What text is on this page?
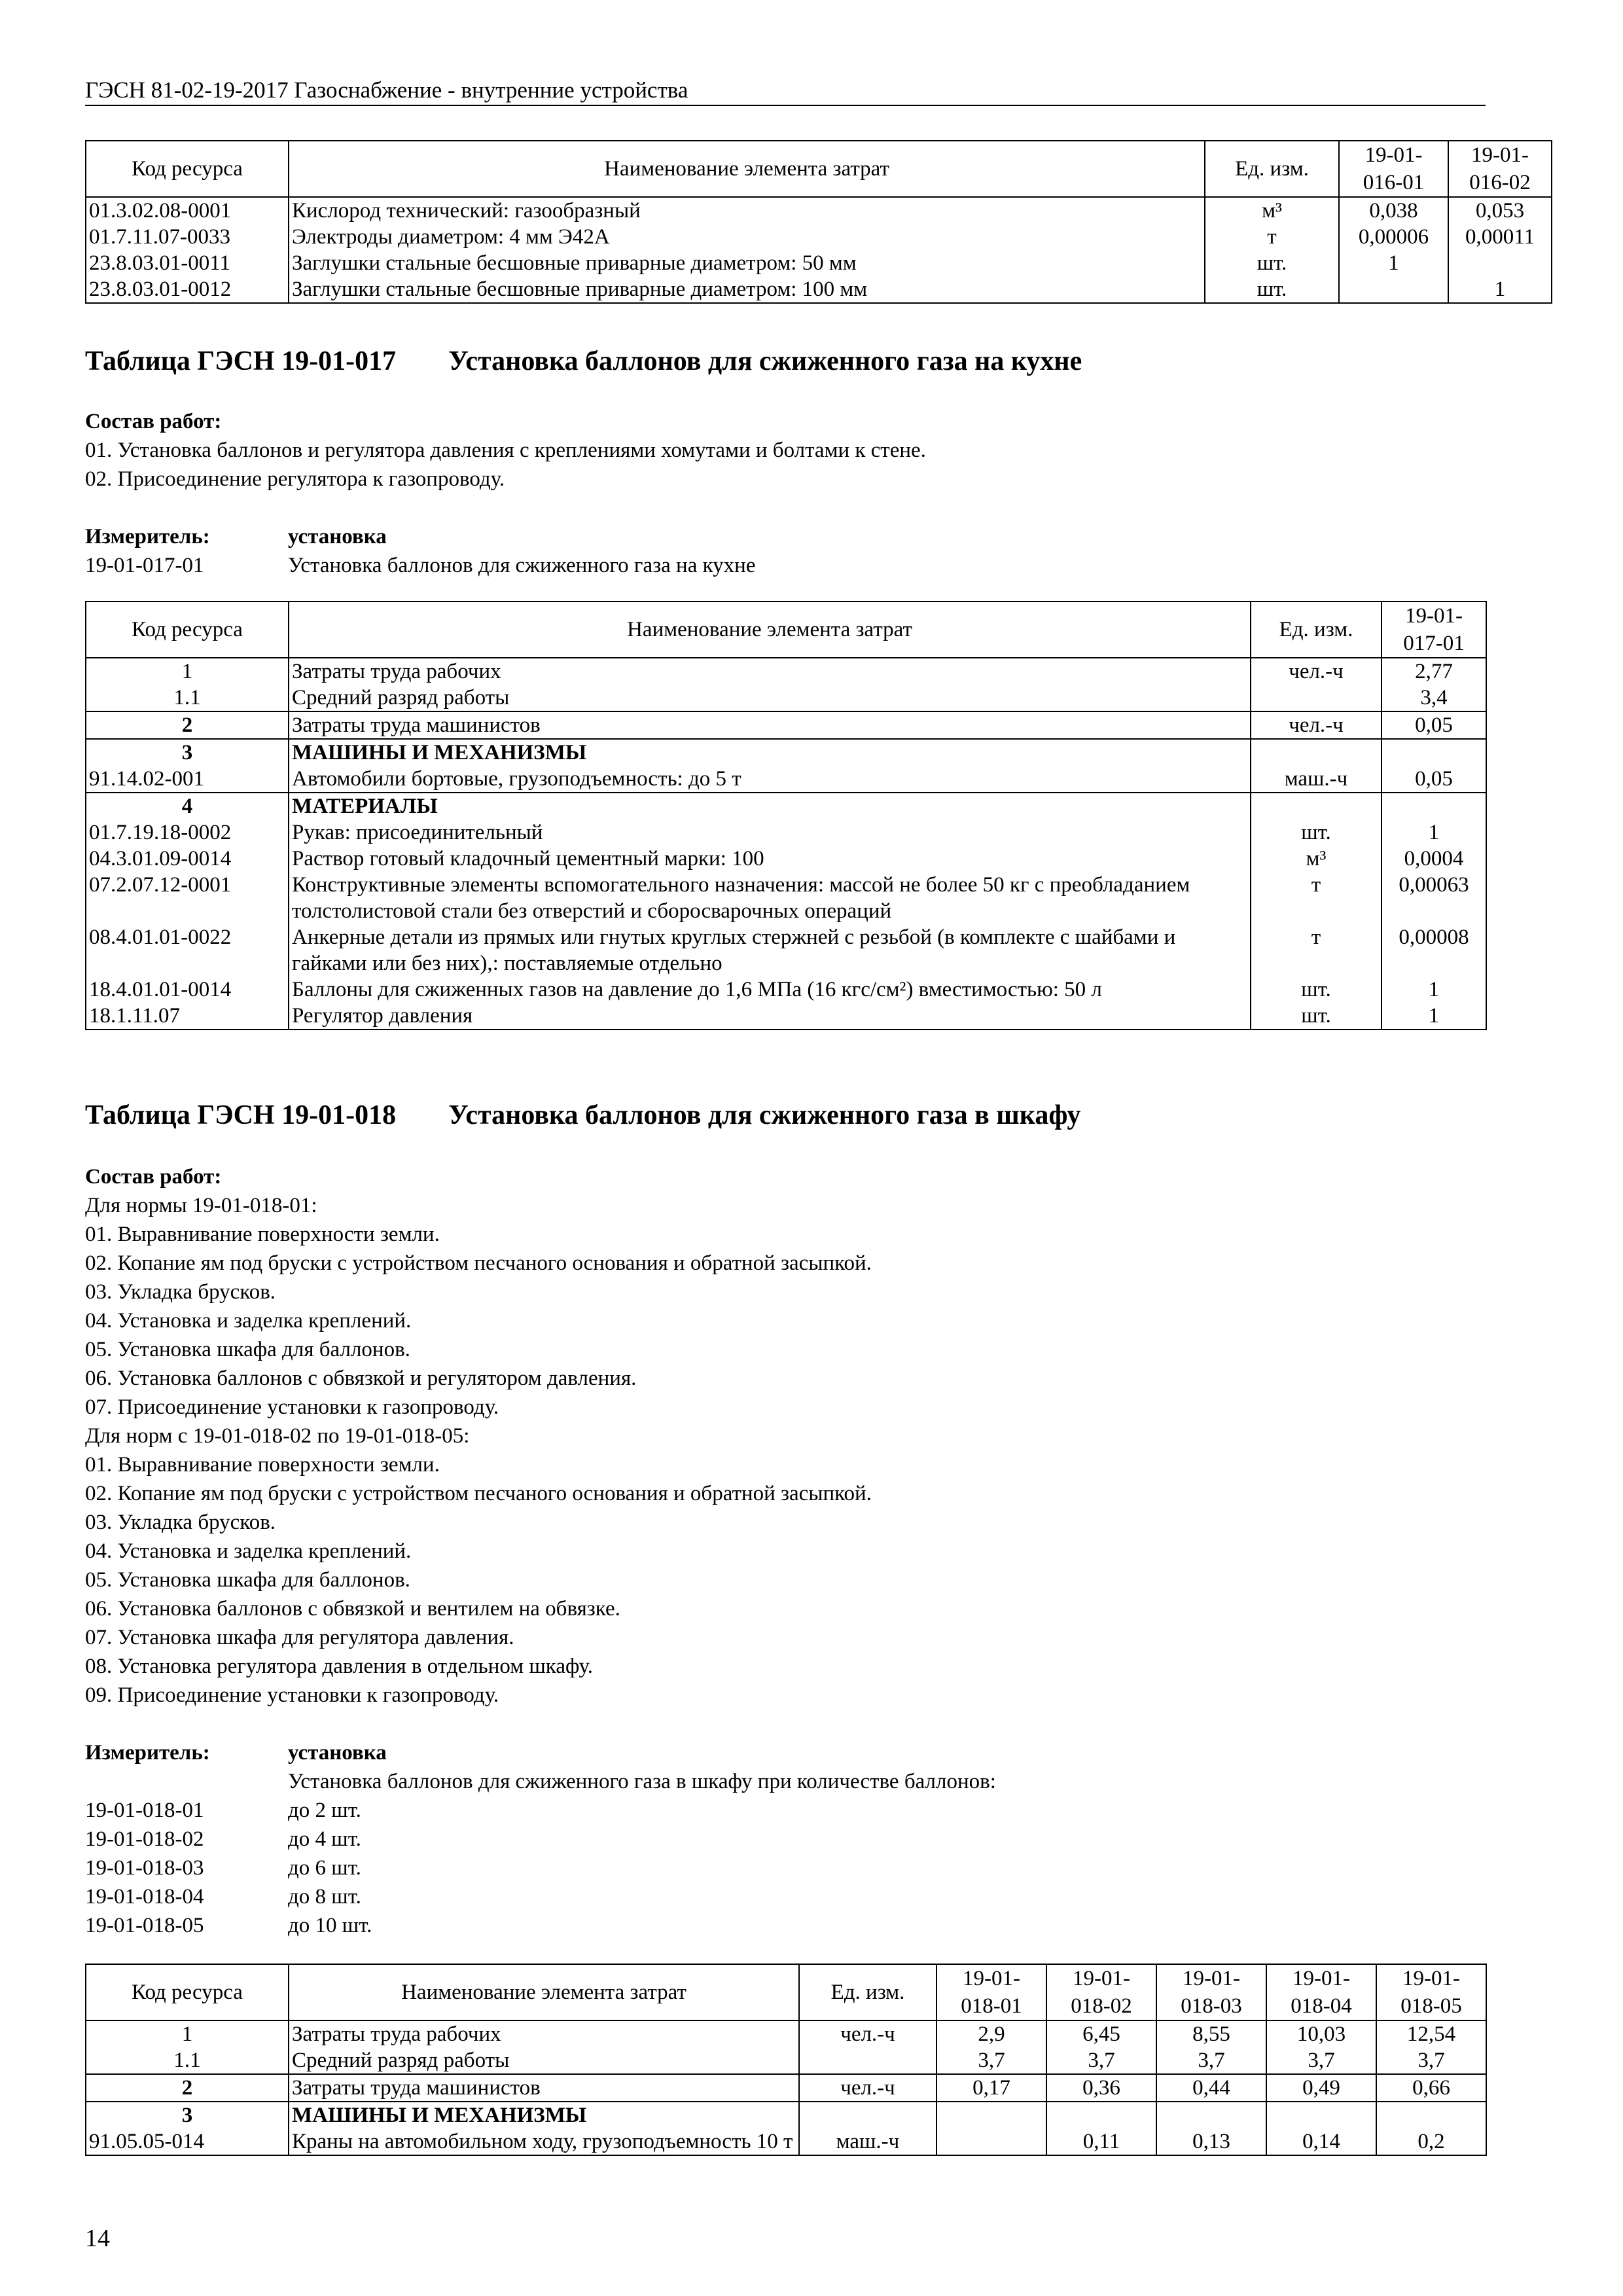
ГЭСН 81-02-19-2017 Газоснабжение - внутренние устройства
Код ресурса	Наименование элемента затрат	Ед. изм.	19-01-
016-01	19-01-
016-02
01.3.02.08-0001	Кислород технический: газообразный	м³	0,038	0,053
01.7.11.07-0033	Электроды диаметром: 4 мм Э42А	т	0,00006	0,00011
23.8.03.01-0011	Заглушки стальные бесшовные приварные диаметром: 50 мм	шт.	1	
23.8.03.01-0012	Заглушки стальные бесшовные приварные диаметром: 100 мм	шт.		1
Таблица ГЭСН 19-01-017 Установка баллонов для сжиженного газа на кухне
Состав работ:
01. Установка баллонов и регулятора давления с креплениями хомутами и болтами к стене.
02. Присоединение регулятора к газопроводу.
Измеритель:	установка
19-01-017-01	Установка баллонов для сжиженного газа на кухне
Код ресурса	Наименование элемента затрат	Ед. изм.	19-01-
017-01
1	Затраты труда рабочих	чел.-ч	2,77
1.1	Средний разряд работы		3,4
2	Затраты труда машинистов	чел.-ч	0,05
3	МАШИНЫ И МЕХАНИЗМЫ		
91.14.02-001	Автомобили бортовые, грузоподъемность: до 5 т	маш.-ч	0,05
4	МАТЕРИАЛЫ		
01.7.19.18-0002	Рукав: присоединительный	шт.	1
04.3.01.09-0014	Раствор готовый кладочный цементный марки: 100	м³	0,0004
07.2.07.12-0001	Конструктивные элементы вспомогательного назначения: массой не более 50 кг с преобладанием толстолистовой стали без отверстий и сборосварочных операций	т	0,00063
08.4.01.01-0022	Анкерные детали из прямых или гнутых круглых стержней с резьбой (в комплекте с шайбами и гайками или без них),: поставляемые отдельно	т	0,00008
18.4.01.01-0014	Баллоны для сжиженных газов на давление до 1,6 МПа (16 кгс/см²) вместимостью: 50 л	шт.	1
18.1.11.07	Регулятор давления	шт.	1
Таблица ГЭСН 19-01-018 Установка баллонов для сжиженного газа в шкафу
Состав работ:
Для нормы 19-01-018-01:
01. Выравнивание поверхности земли.
02. Копание ям под бруски с устройством песчаного основания и обратной засыпкой.
03. Укладка брусков.
04. Установка и заделка креплений.
05. Установка шкафа для баллонов.
06. Установка баллонов с обвязкой и регулятором давления.
07. Присоединение установки к газопроводу.
Для норм с 19-01-018-02 по 19-01-018-05:
01. Выравнивание поверхности земли.
02. Копание ям под бруски с устройством песчаного основания и обратной засыпкой.
03. Укладка брусков.
04. Установка и заделка креплений.
05. Установка шкафа для баллонов.
06. Установка баллонов с обвязкой и вентилем на обвязке.
07. Установка шкафа для регулятора давления.
08. Установка регулятора давления в отдельном шкафу.
09. Присоединение установки к газопроводу.
Измеритель:	установка
Установка баллонов для сжиженного газа в шкафу при количестве баллонов:
19-01-018-01	до 2 шт.
19-01-018-02	до 4 шт.
19-01-018-03	до 6 шт.
19-01-018-04	до 8 шт.
19-01-018-05	до 10 шт.
Код ресурса	Наименование элемента затрат	Ед. изм.	19-01-
018-01	19-01-
018-02	19-01-
018-03	19-01-
018-04	19-01-
018-05
1	Затраты труда рабочих	чел.-ч	2,9	6,45	8,55	10,03	12,54
1.1	Средний разряд работы		3,7	3,7	3,7	3,7	3,7
2	Затраты труда машинистов	чел.-ч	0,17	0,36	0,44	0,49	0,66
3	МАШИНЫ И МЕХАНИЗМЫ						
91.05.05-014	Краны на автомобильном ходу, грузоподъемность 10 т	маш.-ч		0,11	0,13	0,14	0,2
14
